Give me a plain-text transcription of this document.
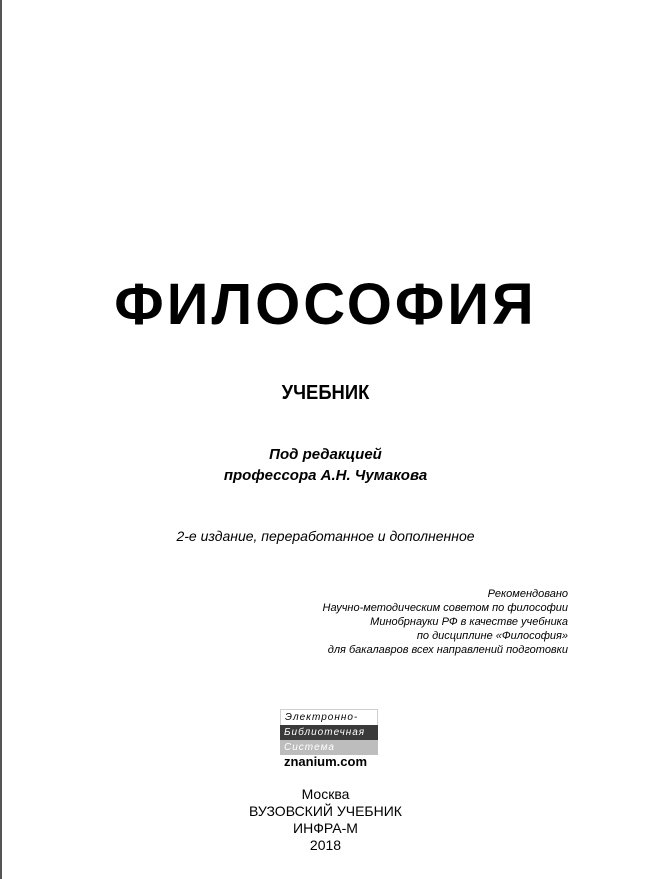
ФИЛОСОФИЯ
УЧЕБНИК
Под редакцией
профессора А.Н. Чумакова
2-е издание, переработанное и дополненное
Рекомендовано
Научно-методическим советом по философии
Минобрнауки РФ в качестве учебника
по дисциплине «Философия»
для бакалавров всех направлений подготовки
Электронно-
Библиотечная
Система
znanium.com
Москва
ВУЗОВСКИЙ УЧЕБНИК
ИНФРА-М
2018
